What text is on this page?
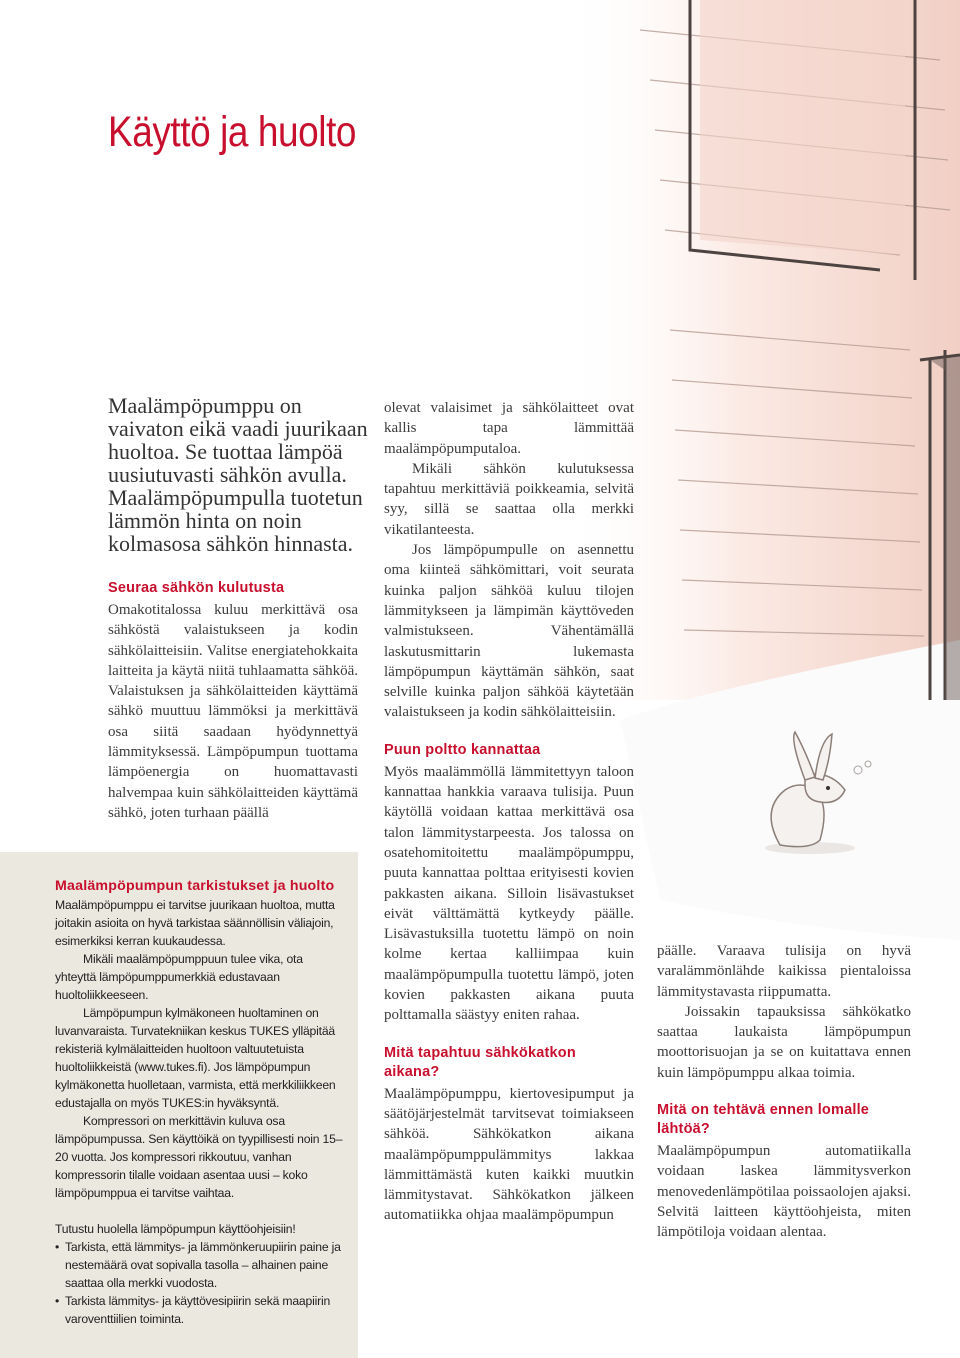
Käyttö ja huolto

Maalämpöpumppu on vaivaton eikä vaadi juurikaan huoltoa. Se tuottaa lämpöä uusiutuvasti sähkön avulla. Maalämpöpumpulla tuotetun lämmön hinta on noin kolmasosa sähkön hinnasta.

Seuraa sähkön kulutusta

Omakotitalossa kuluu merkittävä osa sähköstä valaistukseen ja kodin sähkölaitteisiin. Valitse energiatehokkaita laitteita ja käytä niitä tuhlaamatta sähköä. Valaistuksen ja sähkölaitteiden käyttämä sähkö muuttuu lämmöksi ja merkittävä osa siitä saadaan hyödynnettyä lämmityksessä. Lämpöpumpun tuottama lämpöenergia on huomattavasti halvempaa kuin sähkölaitteiden käyttämä sähkö, joten turhaan päällä

olevat valaisimet ja sähkölaitteet ovat kallis tapa lämmittää maalämpöpumputaloa.

Mikäli sähkön kulutuksessa tapahtuu merkittäviä poikkeamia, selvitä syy, sillä se saattaa olla merkki vikatilanteesta.

Jos lämpöpumpulle on asennettu oma kiinteä sähkömittari, voit seurata kuinka paljon sähköä kuluu tilojen lämmitykseen ja lämpimän käyttöveden valmistukseen. Vähentämällä laskutusmittarin lukemasta lämpöpumpun käyttämän sähkön, saat selville kuinka paljon sähköä käytetään valaistukseen ja kodin sähkölaitteisiin.

Puun poltto kannattaa

Myös maalämmöllä lämmitettyyn taloon kannattaa hankkia varaava tulisija. Puun käytöllä voidaan kattaa merkittävä osa talon lämmitystarpeesta. Jos talossa on osatehomitoitettu maalämpöpumppu, puuta kannattaa polttaa erityisesti kovien pakkasten aikana. Silloin lisävastukset eivät välttämättä kytkeydy päälle. Lisävastuksilla tuotettu lämpö on noin kolme kertaa kalliimpaa kuin maalämpöpumpulla tuotettu lämpö, joten kovien pakkasten aikana puuta polttamalla säästyy eniten rahaa.

Mitä tapahtuu sähkökatkon aikana?

Maalämpöpumppu, kiertovesipumput ja säätöjärjestelmät tarvitsevat toimiakseen sähköä. Sähkökatkon aikana maalämpöpumppulämmitys lakkaa lämmittämästä kuten kaikki muutkin lämmitystavat. Sähkökatkon jälkeen automatiikka ohjaa maalämpöpumpun

päälle. Varaava tulisija on hyvä varalämmönlähde kaikissa pientaloissa lämmitystavasta riippumatta.

Joissakin tapauksissa sähkökatko saattaa laukaista lämpöpumpun moottorisuojan ja se on kuitattava ennen kuin lämpöpumppu alkaa toimia.

Mitä on tehtävä ennen lomalle lähtöä?

Maalämpöpumpun automatiikalla voidaan laskea lämmitysverkon menovedenlämpötilaa poissaolojen ajaksi. Selvitä laitteen käyttöohjeista, miten lämpötiloja voidaan alentaa.

Maalämpöpumpun tarkistukset ja huolto

Maalämpöpumppu ei tarvitse juurikaan huoltoa, mutta joitakin asioita on hyvä tarkistaa säännöllisin väliajoin, esimerkiksi kerran kuukaudessa.

Mikäli maalämpöpumppuun tulee vika, ota yhteyttä lämpöpumppumerkkiä edustavaan huoltoliikkeeseen.

Lämpöpumpun kylmäkoneen huoltaminen on luvanvaraista. Turvatekniikan keskus TUKES ylläpitää rekisteriä kylmälaitteiden huoltoon valtuutetuista huoltoliikkeistä (www.tukes.fi). Jos lämpöpumpun kylmäkonetta huolletaan, varmista, että merkkiliikkeen edustajalla on myös TUKES:in hyväksyntä.

Kompressori on merkittävin kuluva osa lämpöpumpussa. Sen käyttöikä on tyypillisesti noin 15–20 vuotta. Jos kompressori rikkoutuu, vanhan kompressorin tilalle voidaan asentaa uusi – koko lämpöpumppua ei tarvitse vaihtaa.

Tutustu huolella lämpöpumpun käyttöohjeisiin!

• Tarkista, että lämmitys- ja lämmönkeruupiirin paine ja nestemäärä ovat sopivalla tasolla – alhainen paine saattaa olla merkki vuodosta.
• Tarkista lämmitys- ja käyttövesipiirin sekä maapiirin varoventtiilien toiminta.
